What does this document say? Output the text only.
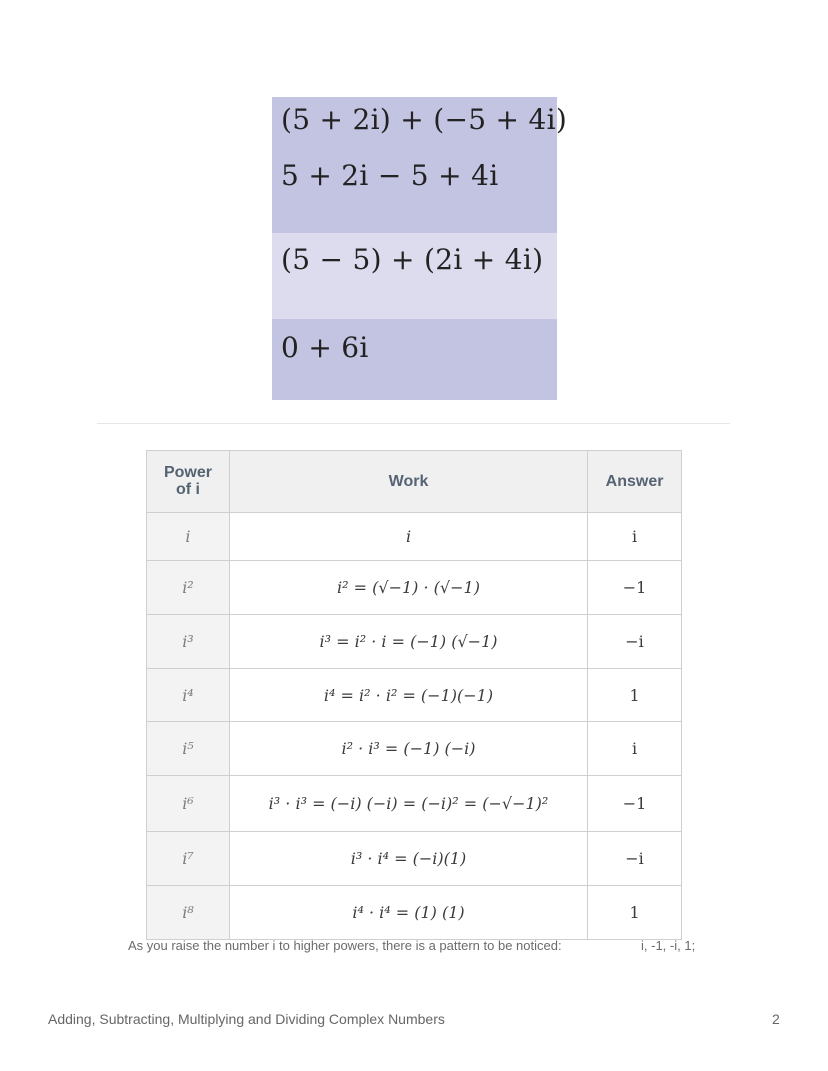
(5 + 2i) + (−5 + 4i)
5 + 2i − 5 + 4i
(5 − 5) + (2i + 4i)
0 + 6i
Power of i	Work	Answer
i	i	i
i²	i² = (√−1) · (√−1)	−1
i³	i³ = i² · i = (−1) (√−1)	−i
i⁴	i⁴ = i² · i² = (−1)(−1)	1
i⁵	i² · i³ = (−1) (−i)	i
i⁶	i³ · i³ = (−i) (−i) = (−i)² = (−√−1)²	−1
i⁷	i³ · i⁴ = (−i)(1)	−i
i⁸	i⁴ · i⁴ = (1) (1)	1
As you raise the number i to higher powers, there is a pattern to be noticed:	i, -1, -i, 1;
Adding, Subtracting, Multiplying and Dividing Complex Numbers	2
